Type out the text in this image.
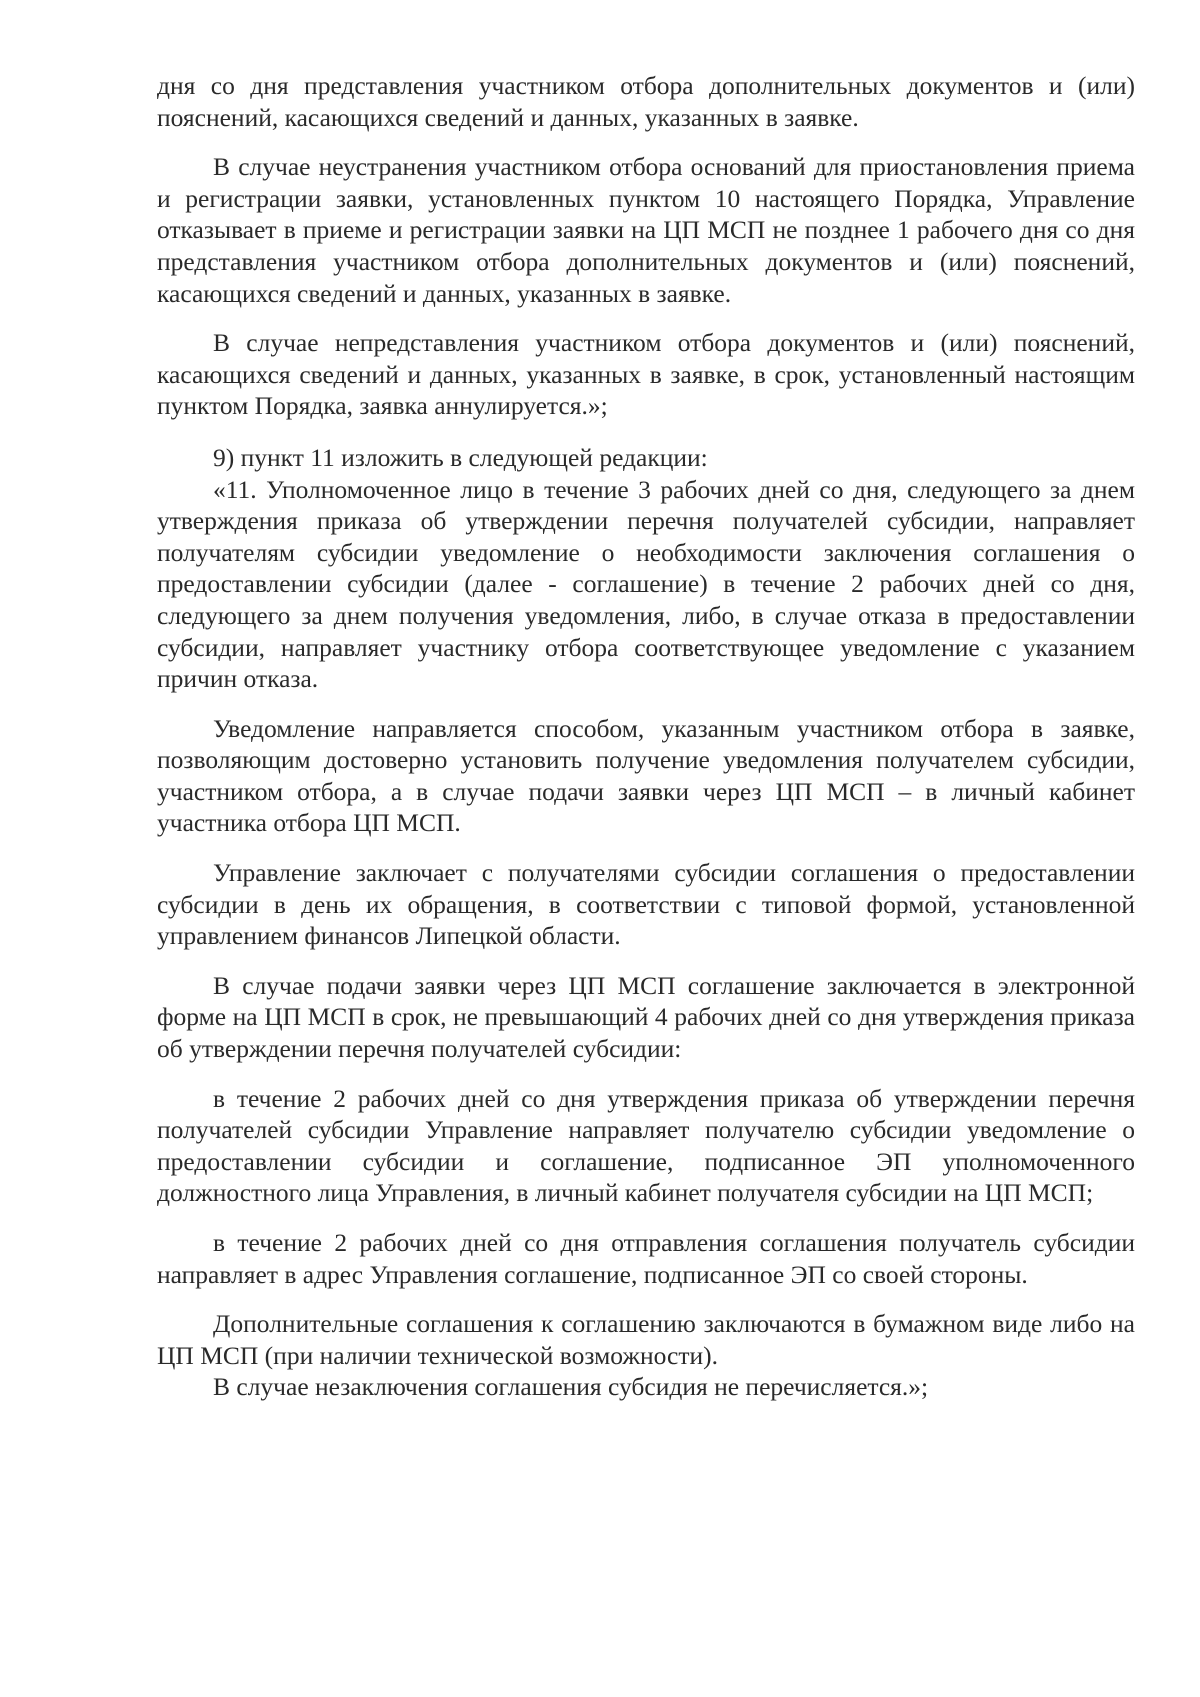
дня со дня представления участником отбора дополнительных документов и (или) пояснений, касающихся сведений и данных, указанных в заявке.

В случае неустранения участником отбора оснований для приостановления приема и регистрации заявки, установленных пунктом 10 настоящего Порядка, Управление отказывает в приеме и регистрации заявки на ЦП МСП не позднее 1 рабочего дня со дня представления участником отбора дополнительных документов и (или) пояснений, касающихся сведений и данных, указанных в заявке.

В случае непредставления участником отбора документов и (или) пояснений, касающихся сведений и данных, указанных в заявке, в срок, установленный настоящим пунктом Порядка, заявка аннулируется.»;

9) пункт 11 изложить в следующей редакции:

«11. Уполномоченное лицо в течение 3 рабочих дней со дня, следующего за днем утверждения приказа об утверждении перечня получателей субсидии, направляет получателям субсидии уведомление о необходимости заключения соглашения о предоставлении субсидии (далее - соглашение) в течение 2 рабочих дней со дня, следующего за днем получения уведомления, либо, в случае отказа в предоставлении субсидии, направляет участнику отбора соответствующее уведомление с указанием причин отказа.

Уведомление направляется способом, указанным участником отбора в заявке, позволяющим достоверно установить получение уведомления получателем субсидии, участником отбора, а в случае подачи заявки через ЦП МСП – в личный кабинет участника отбора ЦП МСП.

Управление заключает с получателями субсидии соглашения о предоставлении субсидии в день их обращения, в соответствии с типовой формой, установленной управлением финансов Липецкой области.

В случае подачи заявки через ЦП МСП соглашение заключается в электронной форме на ЦП МСП в срок, не превышающий 4 рабочих дней со дня утверждения приказа об утверждении перечня получателей субсидии:

в течение 2 рабочих дней со дня утверждения приказа об утверждении перечня получателей субсидии Управление направляет получателю субсидии уведомление о предоставлении субсидии и соглашение, подписанное ЭП уполномоченного должностного лица Управления, в личный кабинет получателя субсидии на ЦП МСП;

в течение 2 рабочих дней со дня отправления соглашения получатель субсидии направляет в адрес Управления соглашение, подписанное ЭП со своей стороны.

Дополнительные соглашения к соглашению заключаются в бумажном виде либо на ЦП МСП (при наличии технической возможности).

В случае незаключения соглашения субсидия не перечисляется.»;
